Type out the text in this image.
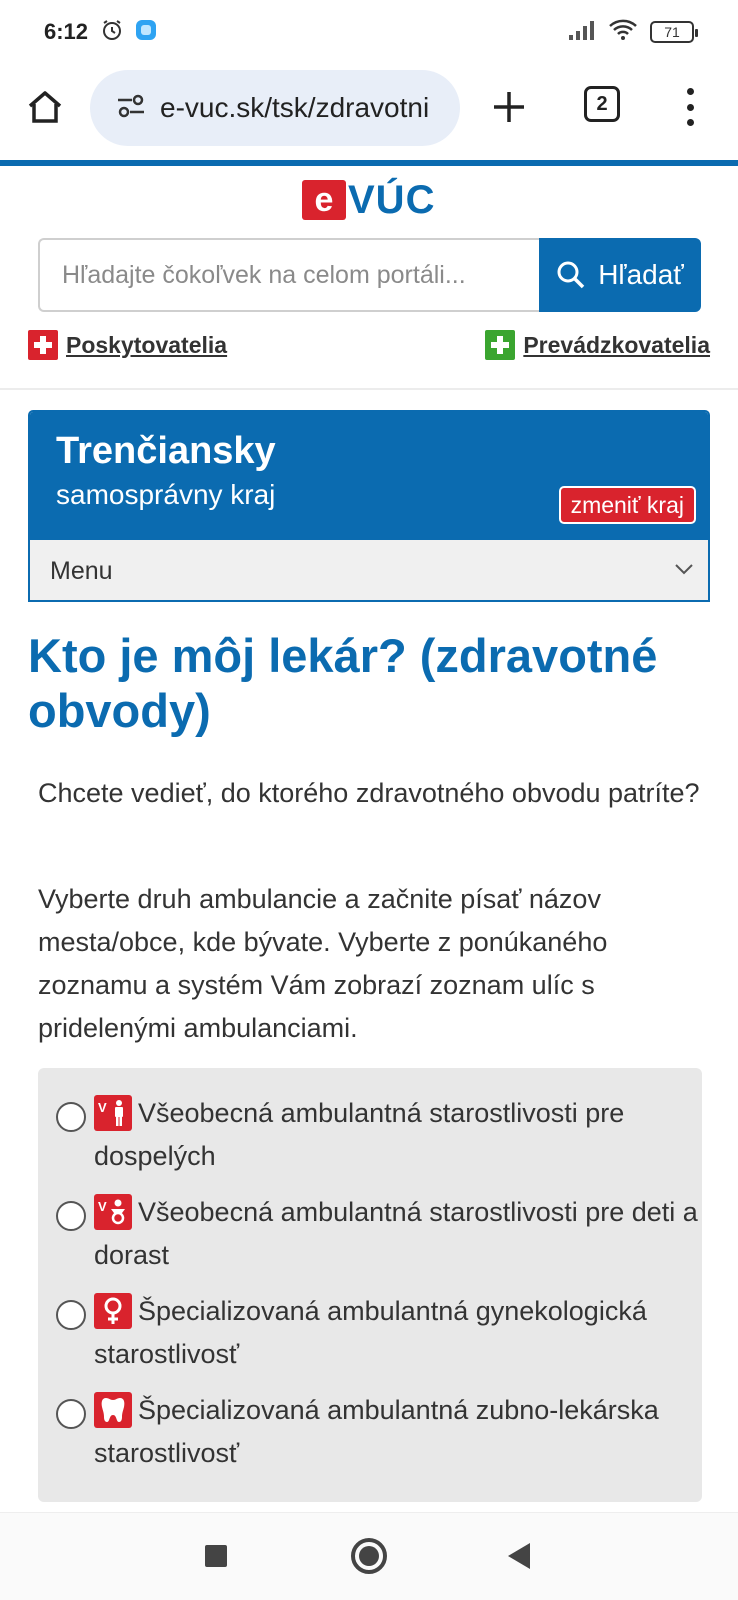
6:12	71
e-vuc.sk/tsk/zdravotni	2
e VÚC
Hľadajte čokoľvek na celom portáli...
Hľadať
Poskytovatelia	Prevádzkovatelia
Trenčiansky
samosprávny kraj	zmeniť kraj
Menu
Kto je môj lekár? (zdravotné obvody)

Chcete vedieť, do ktorého zdravotného obvodu patríte?

Vyberte druh ambulancie a začnite písať názov mesta/obce, kde bývate. Vyberte z ponúkaného zoznamu a systém Vám zobrazí zoznam ulíc s pridelenými ambulanciami.

V Všeobecná ambulantná starostlivosti pre dospelých
V Všeobecná ambulantná starostlivosti pre deti a dorast
Špecializovaná ambulantná gynekologická starostlivosť
Špecializovaná ambulantná zubno-lekárska starostlivosť
